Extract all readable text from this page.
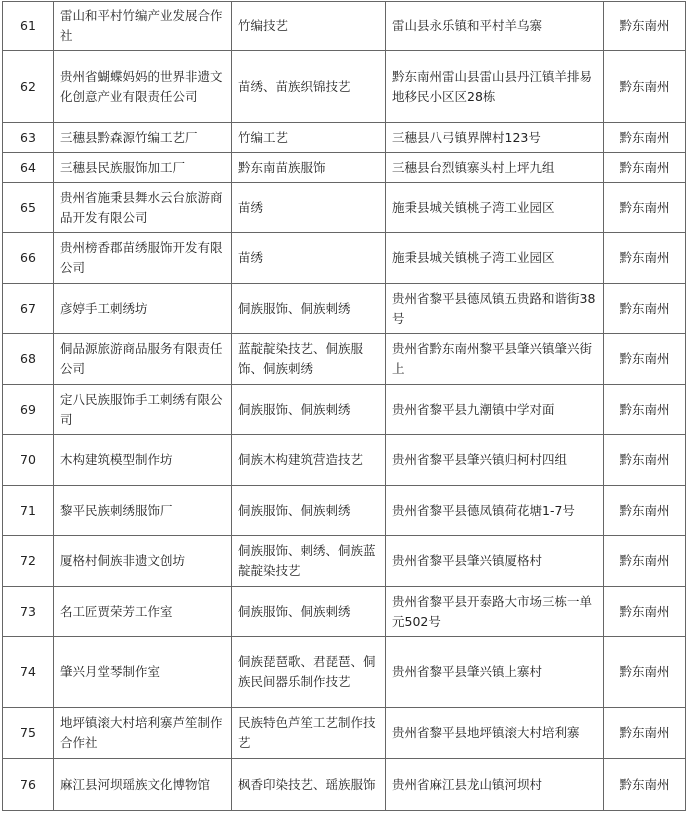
61	雷山和平村竹编产业发展合作社	竹编技艺	雷山县永乐镇和平村羊乌寨	黔东南州
62	贵州省蝴蝶妈妈的世界非遗文化创意产业有限责任公司	苗绣、苗族织锦技艺	黔东南州雷山县雷山县丹江镇羊排易地移民小区区28栋	黔东南州
63	三穗县黔森源竹编工艺厂	竹编工艺	三穗县八弓镇界牌村123号	黔东南州
64	三穗县民族服饰加工厂	黔东南苗族服饰	三穗县台烈镇寨头村上坪九组	黔东南州
65	贵州省施秉县舞水云台旅游商品开发有限公司	苗绣	施秉县城关镇桃子湾工业园区	黔东南州
66	贵州榜香郡苗绣服饰开发有限公司	苗绣	施秉县城关镇桃子湾工业园区	黔东南州
67	彦婷手工刺绣坊	侗族服饰、侗族刺绣	贵州省黎平县德凤镇五贵路和谐街38号	黔东南州
68	侗品源旅游商品服务有限责任公司	蓝靛靛染技艺、侗族服饰、侗族刺绣	贵州省黔东南州黎平县肇兴镇肇兴街上	黔东南州
69	定八民族服饰手工刺绣有限公司	侗族服饰、侗族刺绣	贵州省黎平县九潮镇中学对面	黔东南州
70	木构建筑模型制作坊	侗族木构建筑营造技艺	贵州省黎平县肇兴镇归柯村四组	黔东南州
71	黎平民族刺绣服饰厂	侗族服饰、侗族刺绣	贵州省黎平县德凤镇荷花塘1-7号	黔东南州
72	厦格村侗族非遗文创坊	侗族服饰、刺绣、侗族蓝靛靛染技艺	贵州省黎平县肇兴镇厦格村	黔东南州
73	名工匠贾荣芳工作室	侗族服饰、侗族刺绣	贵州省黎平县开泰路大市场三栋一单元502号	黔东南州
74	肇兴月堂琴制作室	侗族琵琶歌、君琵琶、侗族民间器乐制作技艺	贵州省黎平县肇兴镇上寨村	黔东南州
75	地坪镇滚大村培利寨芦笙制作合作社	民族特色芦笙工艺制作技艺	贵州省黎平县地坪镇滚大村培利寨	黔东南州
76	麻江县河坝瑶族文化博物馆	枫香印染技艺、瑶族服饰	贵州省麻江县龙山镇河坝村	黔东南州
